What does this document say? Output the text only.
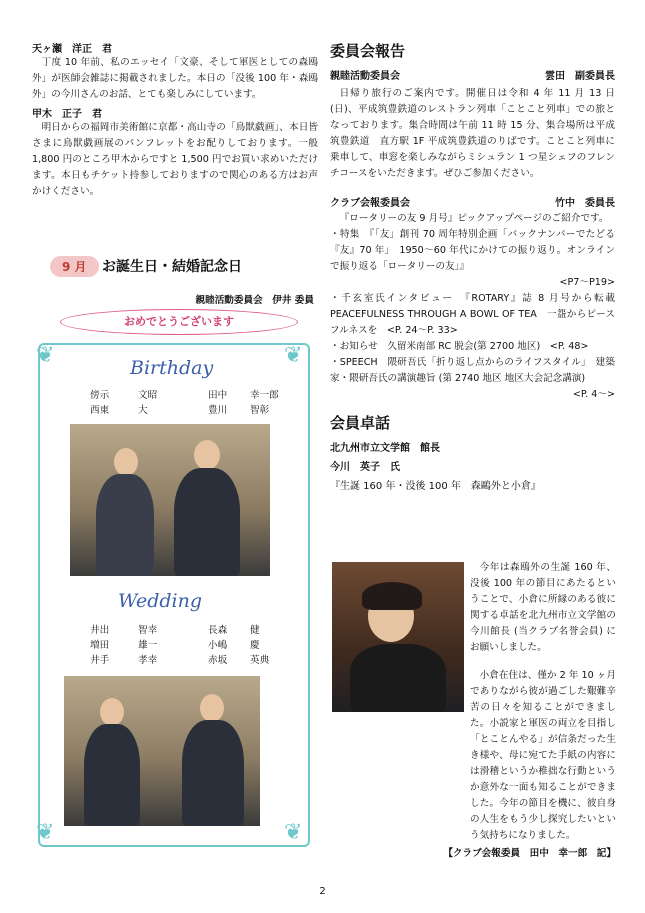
天ヶ瀬　洋正　君

丁度 10 年前、私のエッセイ「文豪、そして軍医としての森鴎外」が医師会雑誌に掲載されました。本日の「没後 100 年・森鴎外」の今川さんのお話、とても楽しみにしています。

甲木　正子　君

明日からの福岡市美術館に京都・高山寺の「鳥獣戯画」、本日皆さまに鳥獣戯画展のパンフレットをお配りしております。一般 1,800 円のところ甲木からですと 1,500 円でお買い求めいただけます。本日もチケット持参しておりますので関心のある方はお声かけください。

9 月	お誕生日・結婚記念日
親睦活動委員会　伊井 委員
おめでとうございます
❦	❦
❦	❦
Birthday
傍示	文昭	田中	幸一郎
西東	大	豊川	智彰
Wedding
井出	智幸	長森	健
増田	雄一	小嶋	慶
井手	孝幸	赤坂	英典
委員会報告
親睦活動委員会	雲田　副委員長

日帰り旅行のご案内です。開催日は令和 4 年 11 月 13 日(日)、平成筑豊鉄道のレストラン列車「ことこと列車」での旅となっております。集合時間は午前 11 時 15 分、集合場所は平成筑豊鉄道　直方駅 1F 平成筑豊鉄道のりばです。ことこと列車に乗車して、車窓を楽しみながらミシュラン 1 つ星シェフのフレンチコースをいただきます。ぜひご参加ください。

クラブ会報委員会	竹中　委員長

『ロータリーの友 9 月号』ピックアップページのご紹介です。

・特集　『「友」創刊 70 周年特別企画「バックナンバーでたどる『友』70 年」　1950～60 年代にかけての振り返り。オンラインで振り返る「ロータリーの友」』

<P7～P19>

・千玄室氏インタビュー　『ROTARY』誌 8 月号から転載 PEACEFULNESS THROUGH A BOWL OF TEA　一盌からピースフルネスを　<P. 24～P. 33>

・お知らせ　久留米南部 RC 脱会(第 2700 地区)　<P. 48>

・SPEECH　隈研吾氏「折り返し点からのライフスタイル」　建築家・隈研吾氏の講演趣旨 (第 2740 地区 地区大会記念講演)

<P. 4～>

会員卓話
北九州市立文学館　館長
今川　英子　氏
『生誕 160 年・没後 100 年　森鷗外と小倉』

今年は森鴎外の生誕 160 年、没後 100 年の節目にあたるということで、小倉に所縁のある彼に関する卓話を北九州市立文学館の今川館長 (当クラブ名誉会員) にお願いしました。

小倉在住は、僅か 2 年 10 ヶ月でありながら彼が過ごした艱難辛苦の日々を知ることができました。小説家と軍医の両立を目指し「とことんやる」が信条だった生き様や、母に宛てた手紙の内容には滑稽というか稚拙な行動というか意外な一面も知ることができました。今年の節目を機に、彼自身の人生をもう少し探究したいという気持ちになりました。

【クラブ会報委員　田中　幸一郎　記】

2
